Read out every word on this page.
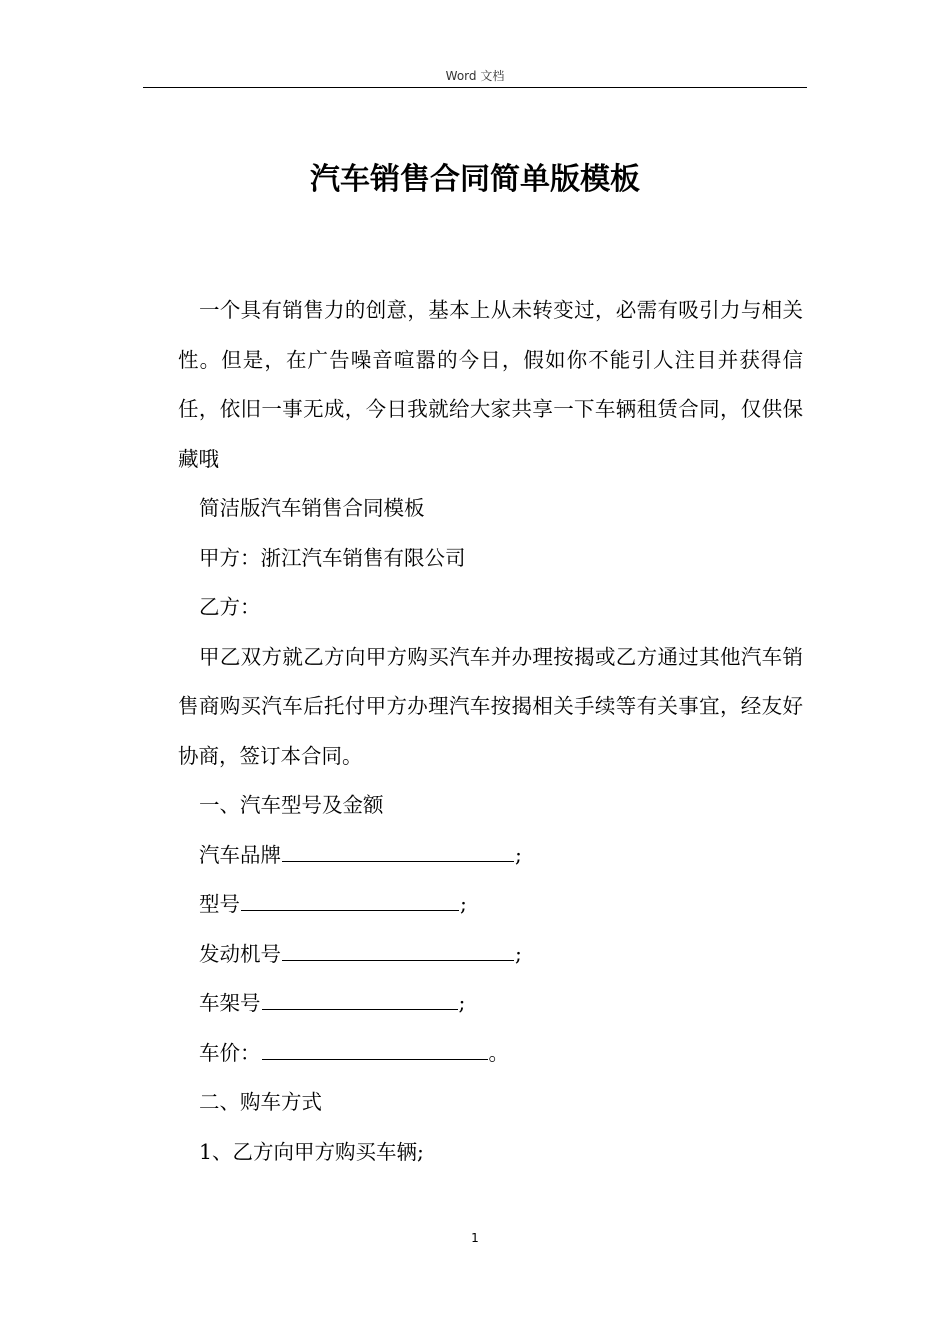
Word 文档
汽车销售合同简单版模板

一个具有销售力的创意，基本上从未转变过，必需有吸引力与相关性。但是，在广告噪音喧嚣的今日，假如你不能引人注目并获得信任，依旧一事无成，今日我就给大家共享一下车辆租赁合同，仅供保藏哦

简洁版汽车销售合同模板

甲方：浙江汽车销售有限公司

乙方：

甲乙双方就乙方向甲方购买汽车并办理按揭或乙方通过其他汽车销售商购买汽车后托付甲方办理汽车按揭相关手续等有关事宜，经友好协商，签订本合同。

一、汽车型号及金额

汽车品牌	;

型号	;

发动机号	;

车架号	;

车价：	。

二、购车方式

1、乙方向甲方购买车辆;

1
